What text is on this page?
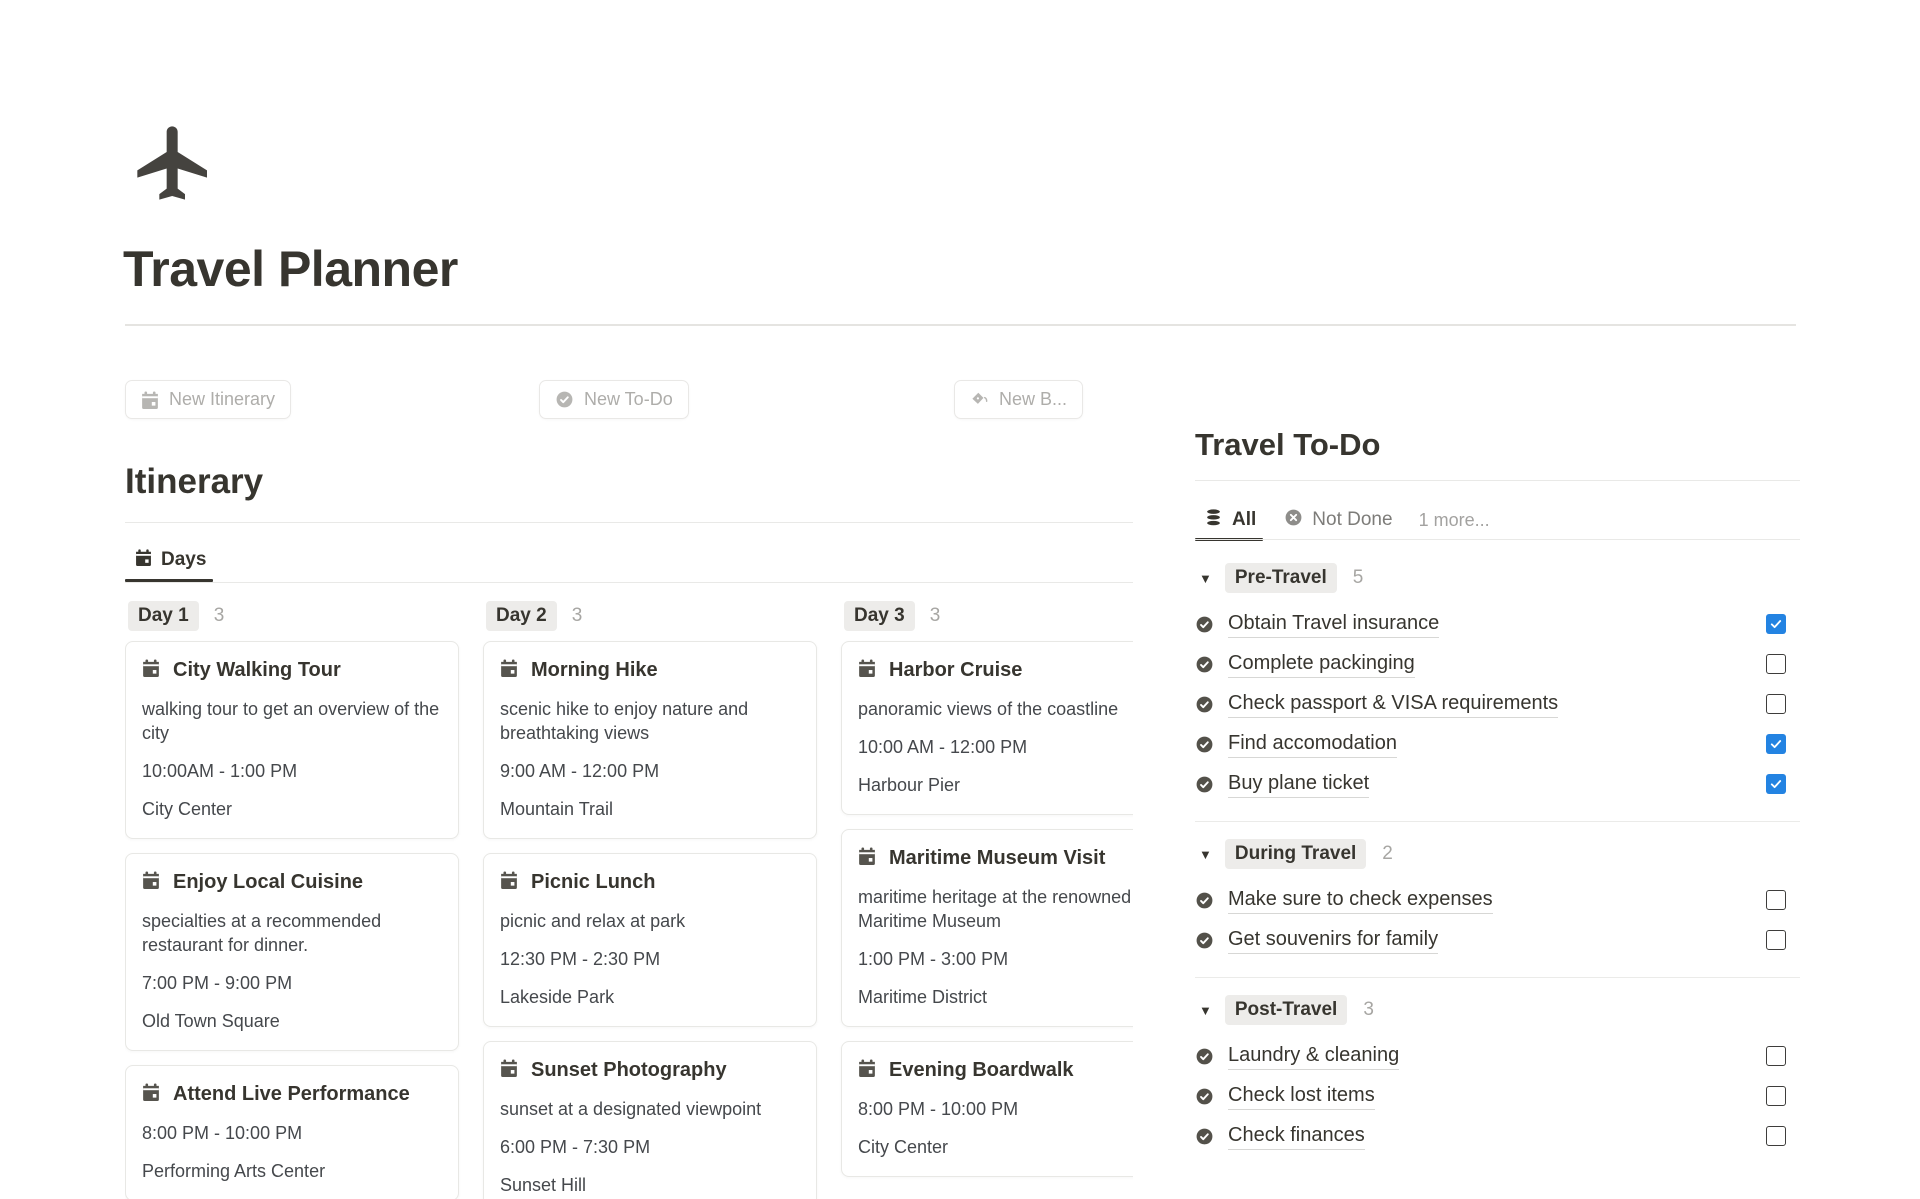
Travel Planner
New Itinerary	New To-Do	New B...
Itinerary
Days
Day 1	3
City Walking Tour
walking tour to get an overview of the city
10:00AM - 1:00 PM
City Center
Enjoy Local Cuisine
specialties at a recommended restaurant for dinner.
7:00 PM - 9:00 PM
Old Town Square
Attend Live Performance
8:00 PM - 10:00 PM
Performing Arts Center
Day 2	3
Morning Hike
scenic hike to enjoy nature and breathtaking views
9:00 AM - 12:00 PM
Mountain Trail
Picnic Lunch
picnic and relax at park
12:30 PM - 2:30 PM
Lakeside Park
Sunset Photography
sunset at a designated viewpoint
6:00 PM - 7:30 PM
Sunset Hill
Day 3	3
Harbor Cruise
panoramic views of the coastline
10:00 AM - 12:00 PM
Harbour Pier
Maritime Museum Visit
maritime heritage at the renowned Maritime Museum
1:00 PM - 3:00 PM
Maritime District
Evening Boardwalk
8:00 PM - 10:00 PM
City Center
Travel To-Do
All	Not Done 1 more...
▼	Pre-Travel	5
Obtain Travel insurance
Complete packinging
Check passport & VISA requirements
Find accomodation
Buy plane ticket
▼	During Travel	2
Make sure to check expenses
Get souvenirs for family
▼	Post-Travel	3
Laundry & cleaning
Check lost items
Check finances
